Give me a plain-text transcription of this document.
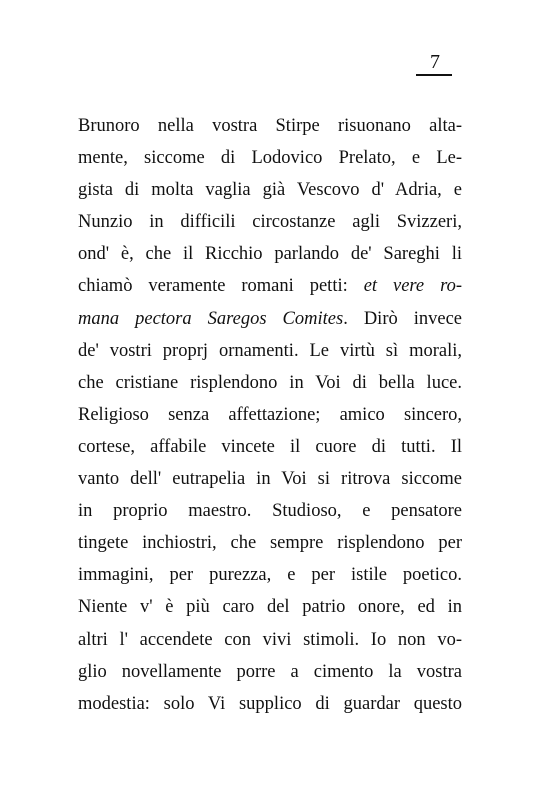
7
Brunoro nella vostra Stirpe risuonano alta-
mente, siccome di Lodovico Prelato, e Le-
gista di molta vaglia già Vescovo d' Adria, e
Nunzio in difficili circostanze agli Svizzeri,
ond' è, che il Ricchio parlando de' Sareghi li
chiamò veramente romani petti: et vere ro-
mana pectora Saregos Comites. Dirò invece
de' vostri proprj ornamenti. Le virtù sì morali,
che cristiane risplendono in Voi di bella luce.
Religioso senza affettazione; amico sincero,
cortese, affabile vincete il cuore di tutti. Il
vanto dell' eutrapelia in Voi si ritrova siccome
in proprio maestro. Studioso, e pensatore
tingete inchiostri, che sempre risplendono per
immagini, per purezza, e per istile poetico.
Niente v' è più caro del patrio onore, ed in
altri l' accendete con vivi stimoli. Io non vo-
glio novellamente porre a cimento la vostra
modestia: solo Vi supplico di guardar questo
